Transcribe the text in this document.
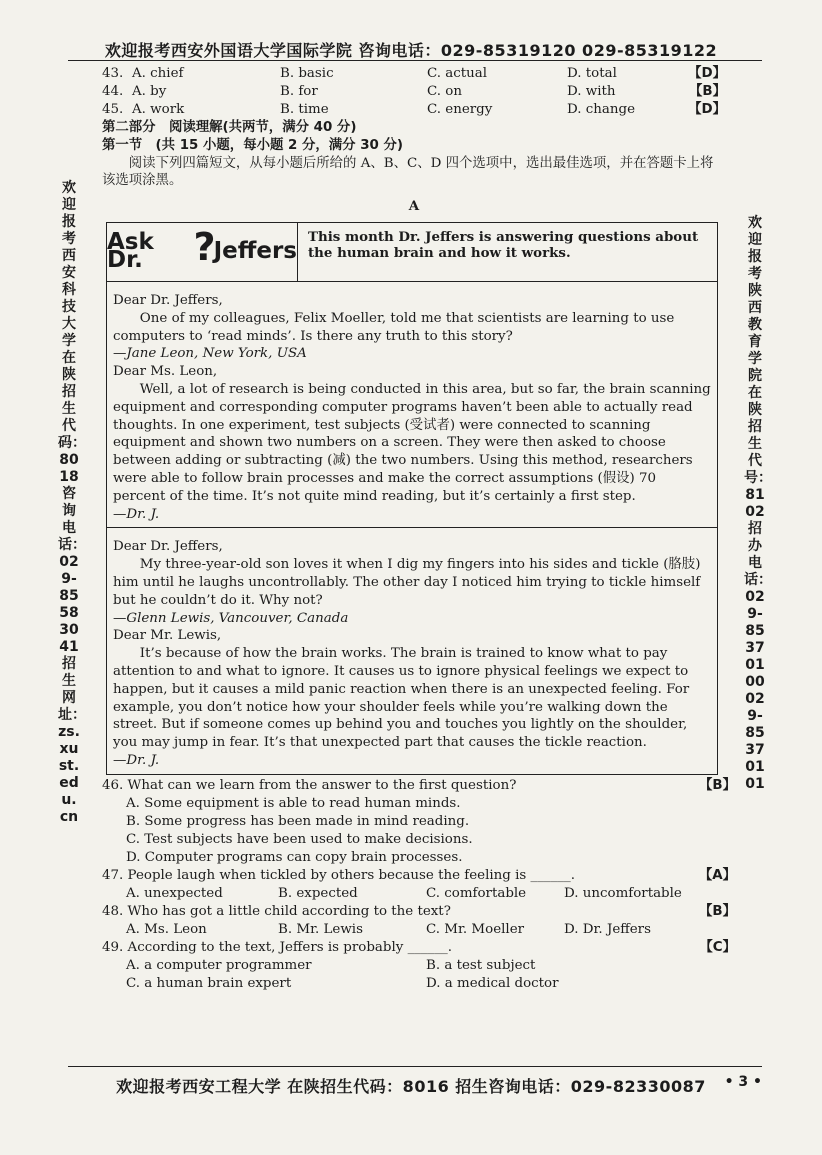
欢迎报考西安外国语大学国际学院 咨询电话：029-85319120 029-85319122
欢迎报考西安科技大学 在陕招生代码：8018 咨询电话：029-85583041 招生网址：zs.xust.edu.cn
欢迎报考陕西教育学院 在陕招生代号：8102 招办电话：029-85370100 029-85370101
43. A. chief	B. basic	C. actual	D. total	【D】
44. A. by	B. for	C. on	D. with	【B】
45. A. work	B. time	C. energy	D. change	【D】
第二部分　阅读理解(共两节，满分 40 分)
第一节　(共 15 小题，每小题 2 分，满分 30 分)

阅读下列四篇短文，从每小题后所给的 A、B、C、D 四个选项中，选出最佳选项，并在答题卡上将该选项涂黑。

A
Ask Dr.	?
Jeffers
This month Dr. Jeffers is answering questions about the human brain and how it works.

Dear Dr. Jeffers,

One of my colleagues, Felix Moeller, told me that scientists are learning to use computers to ‘read minds’. Is there any truth to this story?

—Jane Leon, New York, USA

Dear Ms. Leon,

Well, a lot of research is being conducted in this area, but so far, the brain scanning equipment and corresponding computer programs haven’t been able to actually read thoughts. In one experiment, test subjects (受试者) were connected to scanning equipment and shown two numbers on a screen. They were then asked to choose between adding or subtracting (减) the two numbers. Using this method, researchers were able to follow brain processes and make the correct assumptions (假设) 70 percent of the time. It’s not quite mind reading, but it’s certainly a first step.

—Dr. J.

Dear Dr. Jeffers,

My three-year-old son loves it when I dig my fingers into his sides and tickle (胳肢) him until he laughs uncontrollably. The other day I noticed him trying to tickle himself but he couldn’t do it. Why not?

—Glenn Lewis, Vancouver, Canada

Dear Mr. Lewis,

It’s because of how the brain works. The brain is trained to know what to pay attention to and what to ignore. It causes us to ignore physical feelings we expect to happen, but it causes a mild panic reaction when there is an unexpected feeling. For example, you don’t notice how your shoulder feels while you’re walking down the street. But if someone comes up behind you and touches you lightly on the shoulder, you may jump in fear. It’s that unexpected part that causes the tickle reaction.

—Dr. J.

46. What can we learn from the answer to the first question?	【B】
A. Some equipment is able to read human minds.
B. Some progress has been made in mind reading.
C. Test subjects have been used to make decisions.
D. Computer programs can copy brain processes.
47. People laugh when tickled by others because the feeling is ______.	【A】
A. unexpected	B. expected	C. comfortable	D. uncomfortable
48. Who has got a little child according to the text?	【B】
A. Ms. Leon	B. Mr. Lewis	C. Mr. Moeller	D. Dr. Jeffers
49. According to the text, Jeffers is probably ______.	【C】
A. a computer programmer	B. a test subject
C. a human brain expert	D. a medical doctor
欢迎报考西安工程大学 在陕招生代码：8016 招生咨询电话：029-82330087	• 3 •
